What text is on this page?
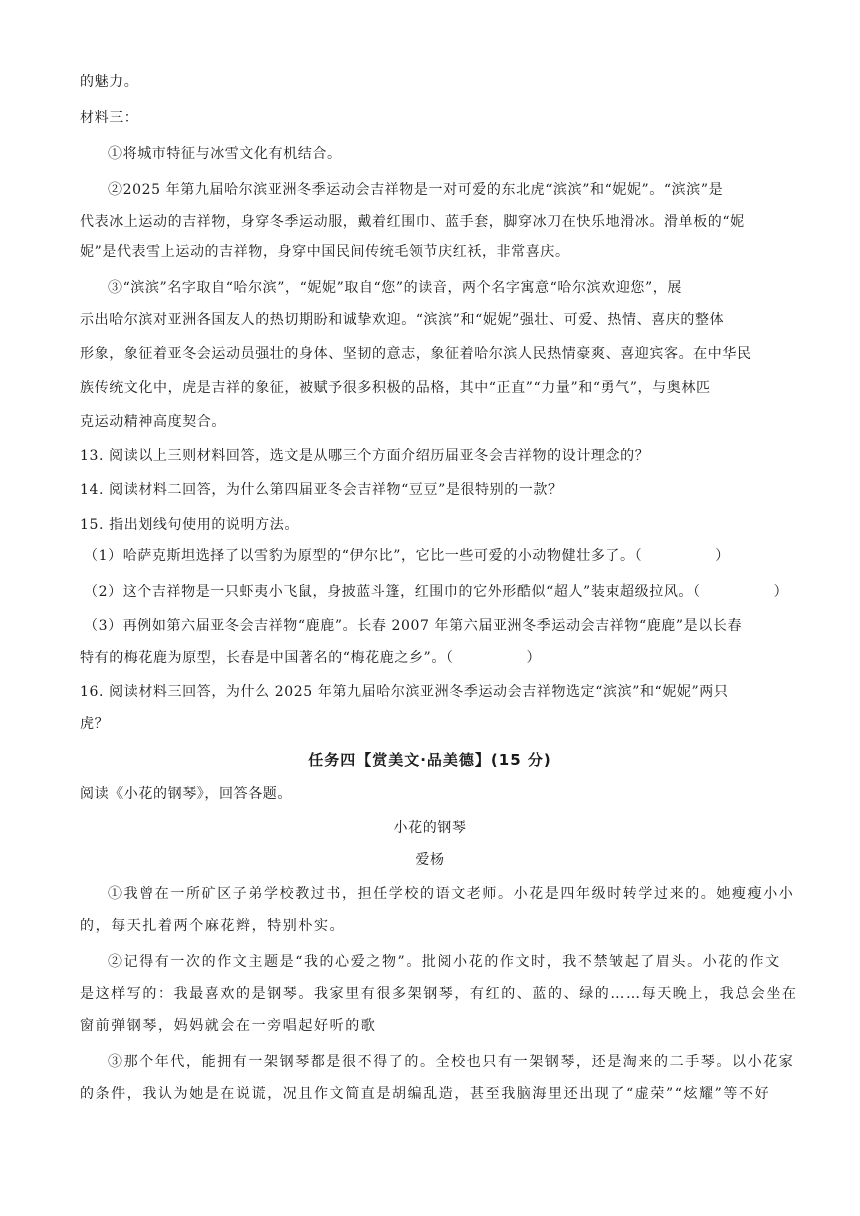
的魅力。
材料三：
①将城市特征与冰雪文化有机结合。
②2025 年第九届哈尔滨亚洲冬季运动会吉祥物是一对可爱的东北虎“滨滨”和“妮妮”。“滨滨”是
代表冰上运动的吉祥物，身穿冬季运动服，戴着红围巾、蓝手套，脚穿冰刀在快乐地滑冰。滑单板的“妮
妮”是代表雪上运动的吉祥物，身穿中国民间传统毛领节庆红袄，非常喜庆。
③“滨滨”名字取自“哈尔滨”，“妮妮”取自“您”的读音，两个名字寓意“哈尔滨欢迎您”，展
示出哈尔滨对亚洲各国友人的热切期盼和诚挚欢迎。“滨滨”和“妮妮”强壮、可爱、热情、喜庆的整体
形象，象征着亚冬会运动员强壮的身体、坚韧的意志，象征着哈尔滨人民热情豪爽、喜迎宾客。在中华民
族传统文化中，虎是吉祥的象征，被赋予很多积极的品格，其中“正直”“力量”和“勇气”，与奥林匹
克运动精神高度契合。
13. 阅读以上三则材料回答，选文是从哪三个方面介绍历届亚冬会吉祥物的设计理念的？
14. 阅读材料二回答，为什么第四届亚冬会吉祥物“豆豆”是很特别的一款？
15. 指出划线句使用的说明方法。
（1）哈萨克斯坦选择了以雪豹为原型的“伊尔比”，它比一些可爱的小动物健壮多了。（　　　　　）
（2）这个吉祥物是一只虾夷小飞鼠，身披蓝斗篷，红围巾的它外形酷似“超人”装束超级拉风。（　　　　　）
（3）再例如第六届亚冬会吉祥物“鹿鹿”。长春 2007 年第六届亚洲冬季运动会吉祥物“鹿鹿”是以长春
特有的梅花鹿为原型，长春是中国著名的“梅花鹿之乡”。（　　　　　）
16. 阅读材料三回答，为什么 2025 年第九届哈尔滨亚洲冬季运动会吉祥物选定“滨滨”和“妮妮”两只
虎？
任务四【赏美文·品美德】(15 分)
阅读《小花的钢琴》，回答各题。
小花的钢琴
爱杨
①我曾在一所矿区子弟学校教过书，担任学校的语文老师。小花是四年级时转学过来的。她瘦瘦小小
的，每天扎着两个麻花辫，特别朴实。
②记得有一次的作文主题是“我的心爱之物”。批阅小花的作文时，我不禁皱起了眉头。小花的作文
是这样写的：我最喜欢的是钢琴。我家里有很多架钢琴，有红的、蓝的、绿的……每天晚上，我总会坐在
窗前弹钢琴，妈妈就会在一旁唱起好听的歌
③那个年代，能拥有一架钢琴都是很不得了的。全校也只有一架钢琴，还是淘来的二手琴。以小花家
的条件，我认为她是在说谎，况且作文简直是胡编乱造，甚至我脑海里还出现了“虚荣”“炫耀”等不好
